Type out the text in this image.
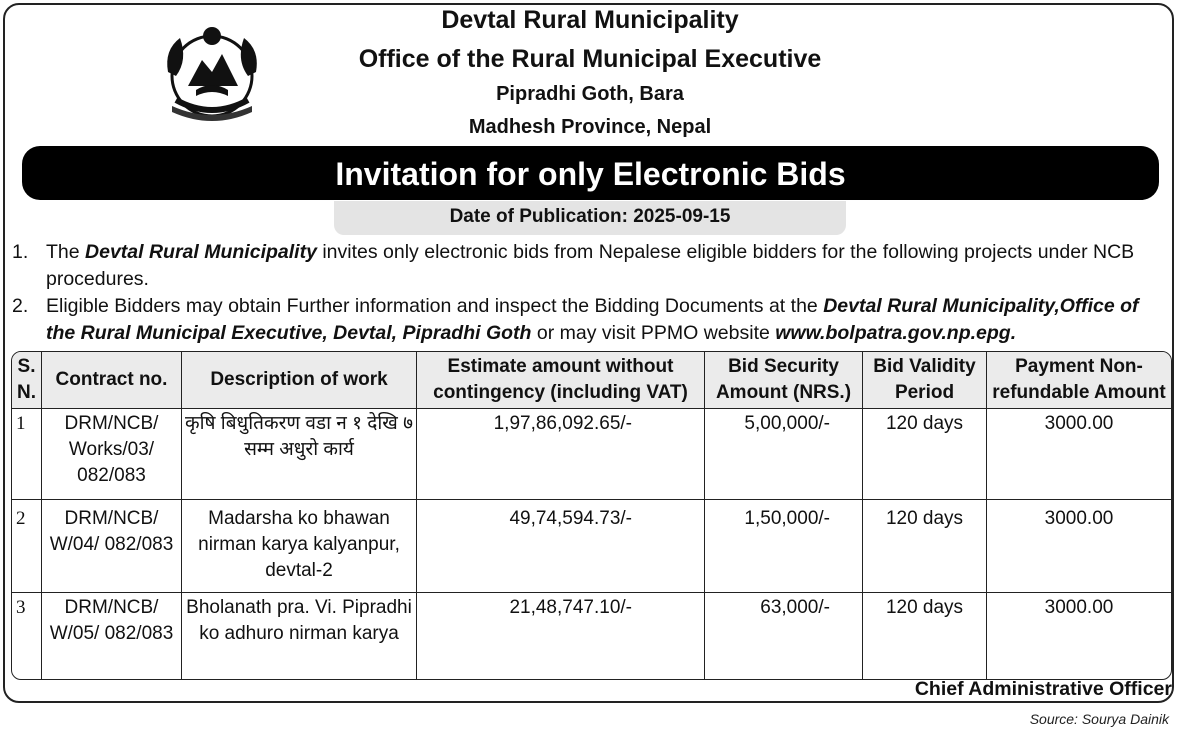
Devtal Rural Municipality
Office of the Rural Municipal Executive
Pipradhi Goth, Bara
Madhesh Province, Nepal
Invitation for only Electronic Bids
Date of Publication: 2025-09-15
1. The Devtal Rural Municipality invites only electronic bids from Nepalese eligible bidders for the following projects under NCB procedures.
2. Eligible Bidders may obtain Further information and inspect the Bidding Documents at the Devtal Rural Municipality,Office of the Rural Municipal Executive, Devtal, Pipradhi Goth or may visit PPMO website www.bolpatra.gov.np.epg.
S. N.	Contract no.	Description of work	Estimate amount without contingency (including VAT)	Bid Security Amount (NRS.)	Bid Validity Period	Payment Non-refundable Amount
1	DRM/NCB/ Works/03/ 082/083	कृषि बिधुतिकरण वडा न १ देखि ७ सम्म अधुरो कार्य	1,97,86,092.65/-	5,00,000/-	120 days	3000.00
2	DRM/NCB/ W/04/ 082/083	Madarsha ko bhawan nirman karya kalyanpur, devtal-2	49,74,594.73/-	1,50,000/-	120 days	3000.00
3	DRM/NCB/ W/05/ 082/083	Bholanath pra. Vi. Pipradhi ko adhuro nirman karya	21,48,747.10/-	63,000/-	120 days	3000.00
Chief Administrative Officer
Source: Sourya Dainik
